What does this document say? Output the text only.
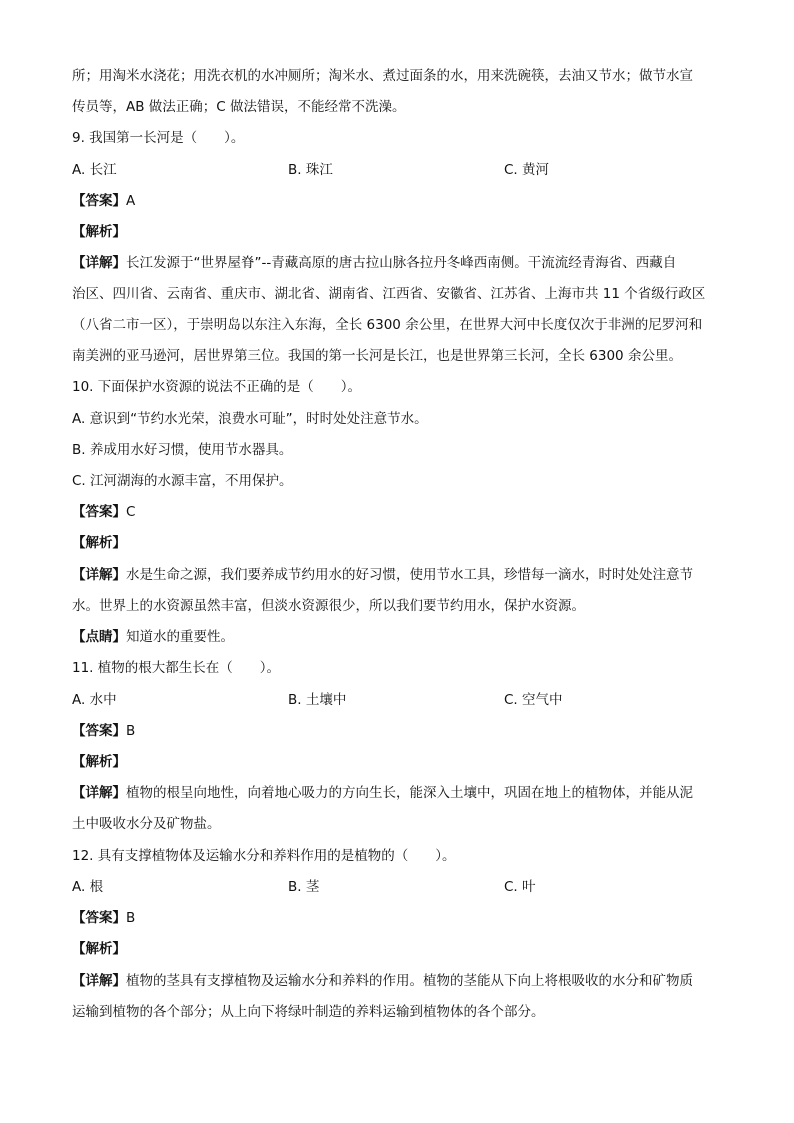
所；用淘米水浇花；用洗衣机的水冲厕所；淘米水、煮过面条的水，用来洗碗筷，去油又节水；做节水宣
传员等，AB 做法正确；C 做法错误，不能经常不洗澡。
9. 我国第一长河是（　　）。
A. 长江	B. 珠江	C. 黄河
【答案】A
【解析】
【详解】长江发源于“世界屋脊”--青藏高原的唐古拉山脉各拉丹冬峰西南侧。干流流经青海省、西藏自
治区、四川省、云南省、重庆市、湖北省、湖南省、江西省、安徽省、江苏省、上海市共 11 个省级行政区
（八省二市一区），于崇明岛以东注入东海，全长 6300 余公里，在世界大河中长度仅次于非洲的尼罗河和
南美洲的亚马逊河，居世界第三位。我国的第一长河是长江，也是世界第三长河，全长 6300 余公里。
10. 下面保护水资源的说法不正确的是（　　）。
A. 意识到“节约水光荣，浪费水可耻”，时时处处注意节水。
B. 养成用水好习惯，使用节水器具。
C. 江河湖海的水源丰富，不用保护。
【答案】C
【解析】
【详解】水是生命之源，我们要养成节约用水的好习惯，使用节水工具，珍惜每一滴水，时时处处注意节
水。世界上的水资源虽然丰富，但淡水资源很少，所以我们要节约用水，保护水资源。
【点睛】知道水的重要性。
11. 植物的根大都生长在（　　）。
A. 水中	B. 土壤中	C. 空气中
【答案】B
【解析】
【详解】植物的根呈向地性，向着地心吸力的方向生长，能深入土壤中，巩固在地上的植物体，并能从泥
土中吸收水分及矿物盐。
12. 具有支撑植物体及运输水分和养料作用的是植物的（　　）。
A. 根	B. 茎	C. 叶
【答案】B
【解析】
【详解】植物的茎具有支撑植物及运输水分和养料的作用。植物的茎能从下向上将根吸收的水分和矿物质
运输到植物的各个部分；从上向下将绿叶制造的养料运输到植物体的各个部分。
